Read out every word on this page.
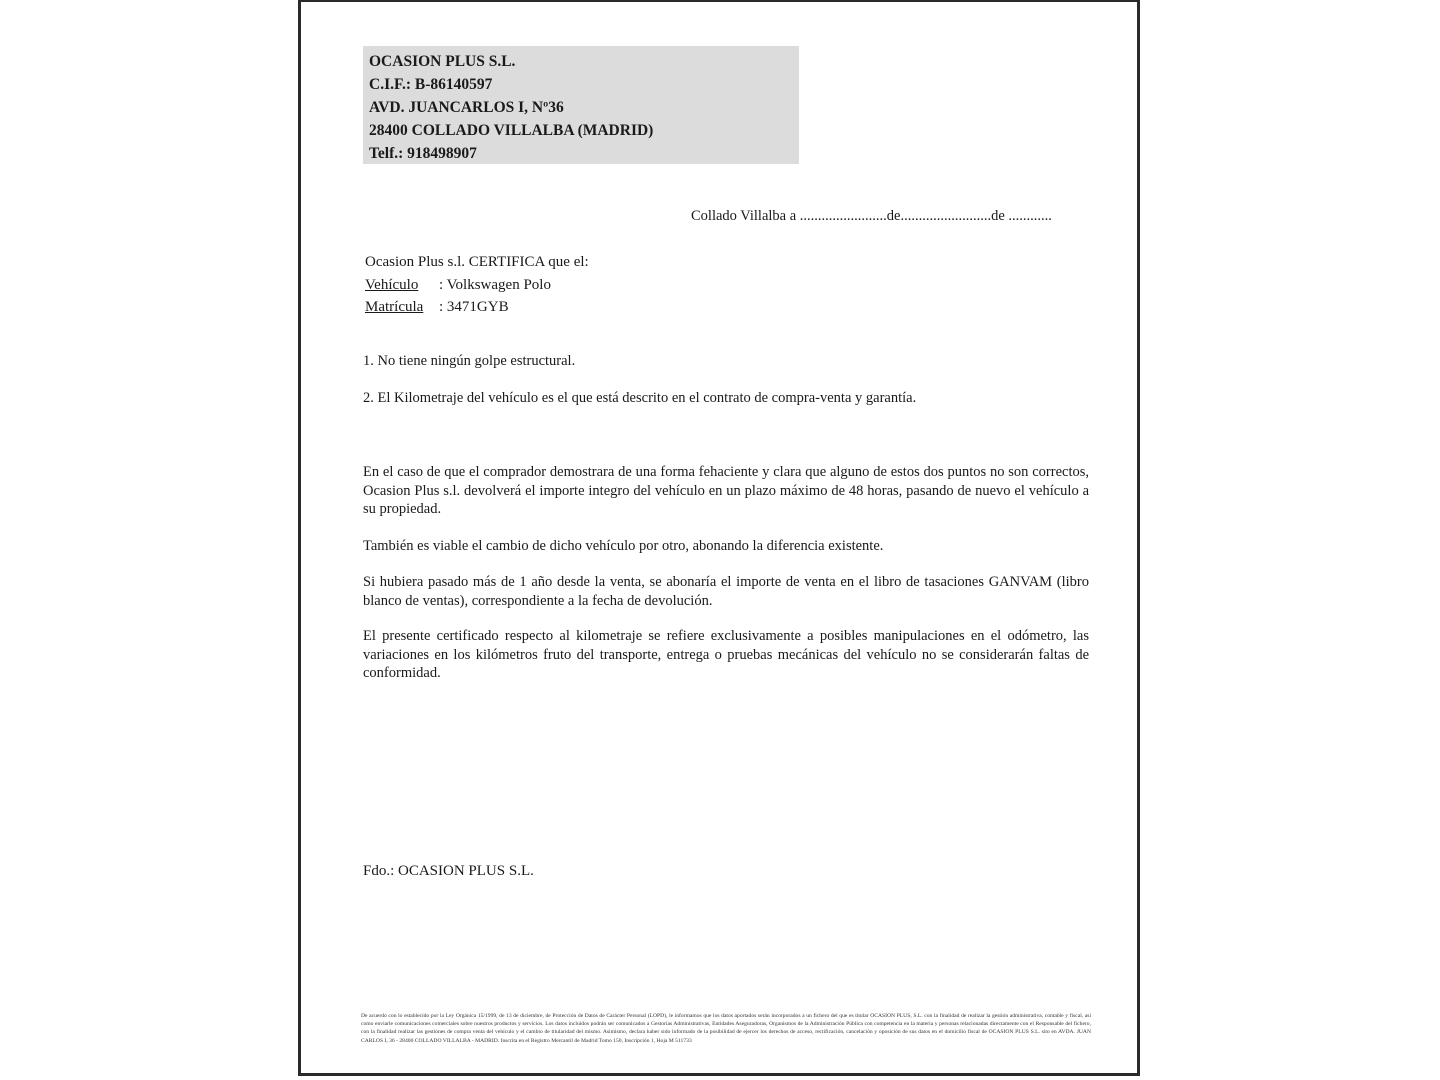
OCASION PLUS S.L.
C.I.F.: B-86140597
AVD. JUANCARLOS I, Nº36
28400 COLLADO VILLALBA (MADRID)
Telf.: 918498907
Collado Villalba a ........................de.........................de ............
Ocasion Plus s.l. CERTIFICA que el:
Vehículo	: Volkswagen Polo
Matrícula	: 3471GYB
1. No tiene ningún golpe estructural.
2. El Kilometraje del vehículo es el que está descrito en el contrato de compra-venta y garantía.
En el caso de que el comprador demostrara de una forma fehaciente y clara que alguno de estos dos puntos no son correctos, Ocasion Plus s.l. devolverá el importe integro del vehículo en un plazo máximo de 48 horas, pasando de nuevo el vehículo a su propiedad.
También es viable el cambio de dicho vehículo por otro, abonando la diferencia existente.
Si hubiera pasado más de 1 año desde la venta, se abonaría el importe de venta en el libro de tasaciones GANVAM (libro blanco de ventas), correspondiente a la fecha de devolución.
El presente certificado respecto al kilometraje se refiere exclusivamente a posibles manipulaciones en el odómetro, las variaciones en los kilómetros fruto del transporte, entrega o pruebas mecánicas del vehículo no se considerarán faltas de conformidad.
Fdo.: OCASION PLUS S.L.
De acuerdo con lo establecido por la Ley Orgánica 15/1999, de 13 de diciembre, de Protección de Datos de Carácter Personal (LOPD), le informamos que los datos aportados serán incorporados a un fichero del que es titular OCASION PLUS, S.L. con la finalidad de realizar la gestión administrativa, contable y fiscal, así como enviarle comunicaciones comerciales sobre nuestros productos y servicios. Los datos incluidos podrán ser comunicados a Gestorías Administrativas, Entidades Aseguradoras, Organismos de la Administración Pública con competencia en la materia y personas relacionadas directamente con el Responsable del fichero, con la finalidad realizar las gestiones de compra venta del vehículo y el cambio de titularidad del mismo. Asimismo, declara haber sido informado de la posibilidad de ejercer los derechos de acceso, rectificación, cancelación y oposición de sus datos en el domicilio fiscal de OCASION PLUS S.L. sito en AVDA. JUAN CARLOS I, 36 - 28400 COLLADO VILLALBA - MADRID. Inscrita en el Registro Mercantil de Madrid Tomo 150, Inscripción 1, Hoja M 511733
